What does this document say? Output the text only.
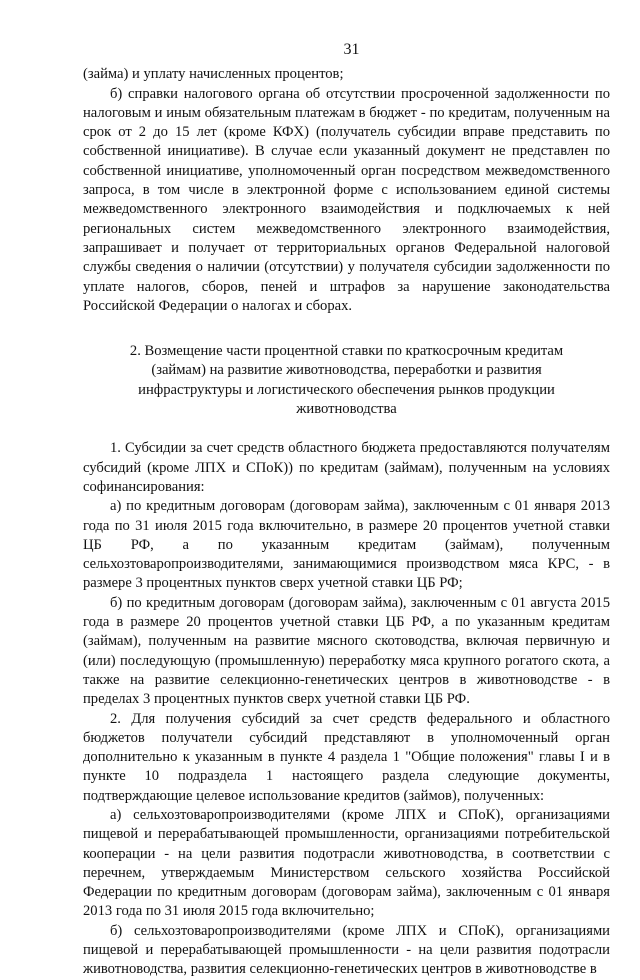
31

(займа) и уплату начисленных процентов;

б) справки налогового органа об отсутствии просроченной задолженности по налоговым и иным обязательным платежам в бюджет - по кредитам, полученным на срок от 2 до 15 лет (кроме КФХ) (получатель субсидии вправе представить по собственной инициативе). В случае если указанный документ не представлен по собственной инициативе, уполномоченный орган посредством межведомственного запроса, в том числе в электронной форме с использованием единой системы межведомственного электронного взаимодействия и подключаемых к ней региональных систем межведомственного электронного взаимодействия, запрашивает и получает от территориальных органов Федеральной налоговой службы сведения о наличии (отсутствии) у получателя субсидии задолженности по уплате налогов, сборов, пеней и штрафов за нарушение законодательства Российской Федерации о налогах и сборах.

2. Возмещение части процентной ставки по краткосрочным кредитам
(займам) на развитие животноводства, переработки и развития
инфраструктуры и логистического обеспечения рынков продукции
животноводства

1. Субсидии за счет средств областного бюджета предоставляются получателям субсидий (кроме ЛПХ и СПоК)) по кредитам (займам), полученным на условиях софинансирования:

а) по кредитным договорам (договорам займа), заключенным с 01 января 2013 года по 31 июля 2015 года включительно, в размере 20 процентов учетной ставки ЦБ РФ, а по указанным кредитам (займам), полученным сельхозтоваропроизводителями, занимающимися производством мяса КРС, - в размере 3 процентных пунктов сверх учетной ставки ЦБ РФ;

б) по кредитным договорам (договорам займа), заключенным с 01 августа 2015 года в размере 20 процентов учетной ставки ЦБ РФ, а по указанным кредитам (займам), полученным на развитие мясного скотоводства, включая первичную и (или) последующую (промышленную) переработку мяса крупного рогатого скота, а также на развитие селекционно-генетических центров в животноводстве - в пределах 3 процентных пунктов сверх учетной ставки ЦБ РФ.

2. Для получения субсидий за счет средств федерального и областного бюджетов получатели субсидий представляют в уполномоченный орган дополнительно к указанным в пункте 4 раздела 1 "Общие положения" главы I и в пункте 10 подраздела 1 настоящего раздела следующие документы, подтверждающие целевое использование кредитов (займов), полученных:

а) сельхозтоваропроизводителями (кроме ЛПХ и СПоК), организациями пищевой и перерабатывающей промышленности, организациями потребительской кооперации - на цели развития подотрасли животноводства, в соответствии с перечнем, утверждаемым Министерством сельского хозяйства Российской Федерации по кредитным договорам (договорам займа), заключенным с 01 января 2013 года по 31 июля 2015 года включительно;

б) сельхозтоваропроизводителями (кроме ЛПХ и СПоК), организациями пищевой и перерабатывающей промышленности - на цели развития подотрасли животноводства, развития селекционно-генетических центров в животноводстве в
